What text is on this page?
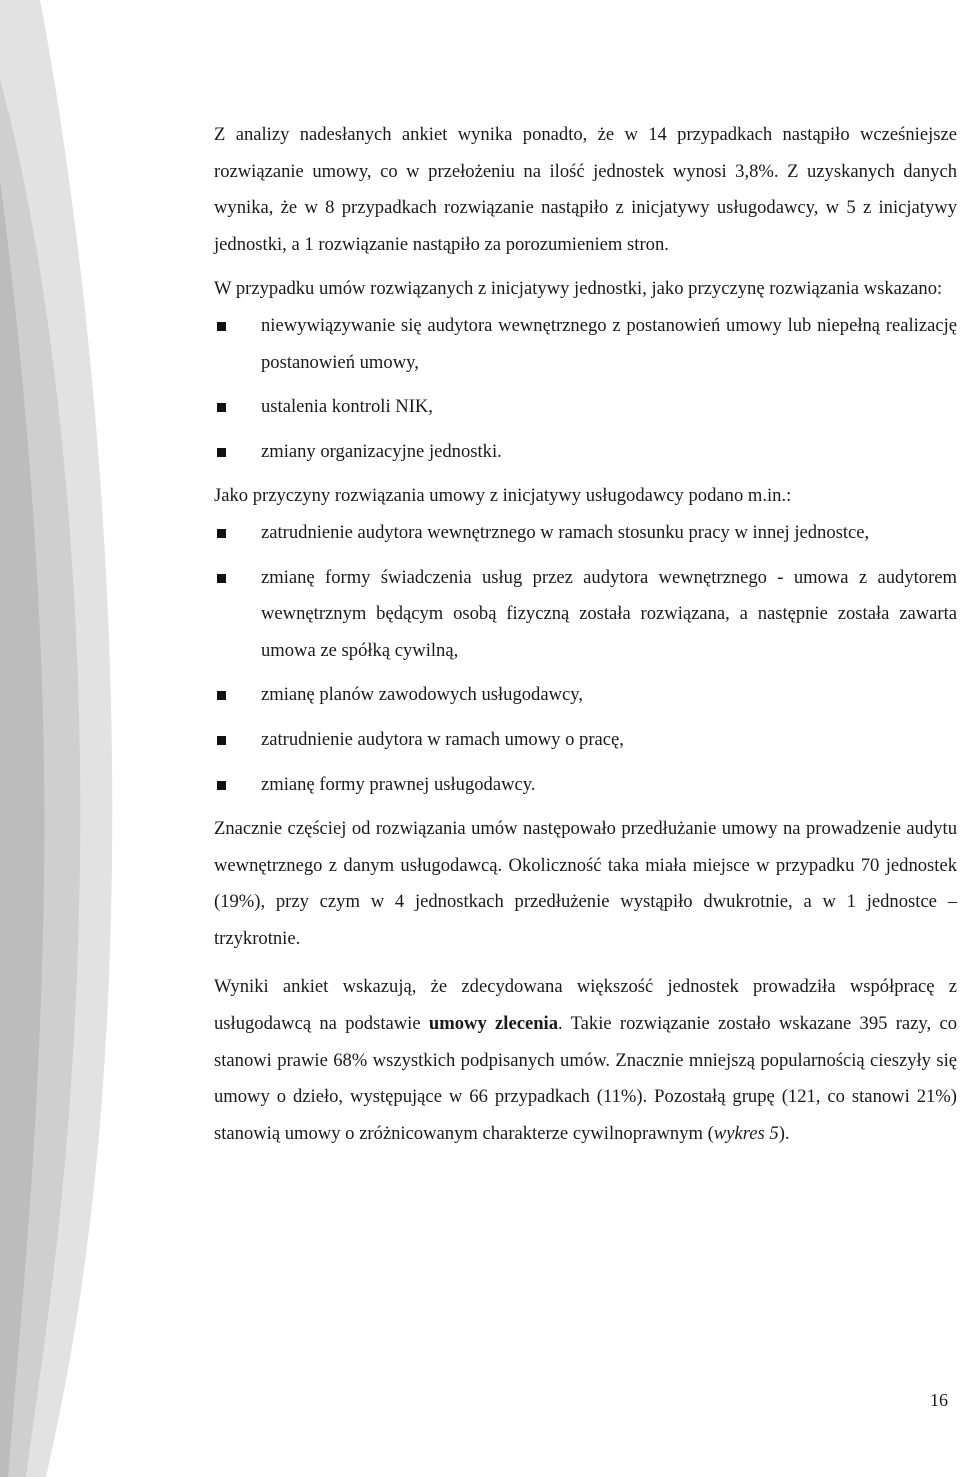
Z analizy nadesłanych ankiet wynika ponadto, że w 14 przypadkach nastąpiło wcześniejsze rozwiązanie umowy, co w przełożeniu na ilość jednostek wynosi 3,8%. Z uzyskanych danych wynika, że w 8 przypadkach rozwiązanie nastąpiło z inicjatywy usługodawcy, w 5 z inicjatywy jednostki, a 1 rozwiązanie nastąpiło za porozumieniem stron.

W przypadku umów rozwiązanych z inicjatywy jednostki, jako przyczynę rozwiązania wskazano:

niewywiązywanie się audytora wewnętrznego z postanowień umowy lub niepełną realizację postanowień umowy,
ustalenia kontroli NIK,
zmiany organizacyjne jednostki.

Jako przyczyny rozwiązania umowy z inicjatywy usługodawcy podano m.in.:

zatrudnienie audytora wewnętrznego w ramach stosunku pracy w innej jednostce,
zmianę formy świadczenia usług przez audytora wewnętrznego - umowa z audytorem wewnętrznym będącym osobą fizyczną została rozwiązana, a następnie została zawarta umowa ze spółką cywilną,
zmianę planów zawodowych usługodawcy,
zatrudnienie audytora w ramach umowy o pracę,
zmianę formy prawnej usługodawcy.

Znacznie częściej od rozwiązania umów następowało przedłużanie umowy na prowadzenie audytu wewnętrznego z danym usługodawcą. Okoliczność taka miała miejsce w przypadku 70 jednostek (19%), przy czym w 4 jednostkach przedłużenie wystąpiło dwukrotnie, a w 1 jednostce – trzykrotnie.

Wyniki ankiet wskazują, że zdecydowana większość jednostek prowadziła współpracę z usługodawcą na podstawie umowy zlecenia. Takie rozwiązanie zostało wskazane 395 razy, co stanowi prawie 68% wszystkich podpisanych umów. Znacznie mniejszą popularnością cieszyły się umowy o dzieło, występujące w 66 przypadkach (11%). Pozostałą grupę (121, co stanowi 21%) stanowią umowy o zróżnicowanym charakterze cywilnoprawnym (wykres 5).

16
